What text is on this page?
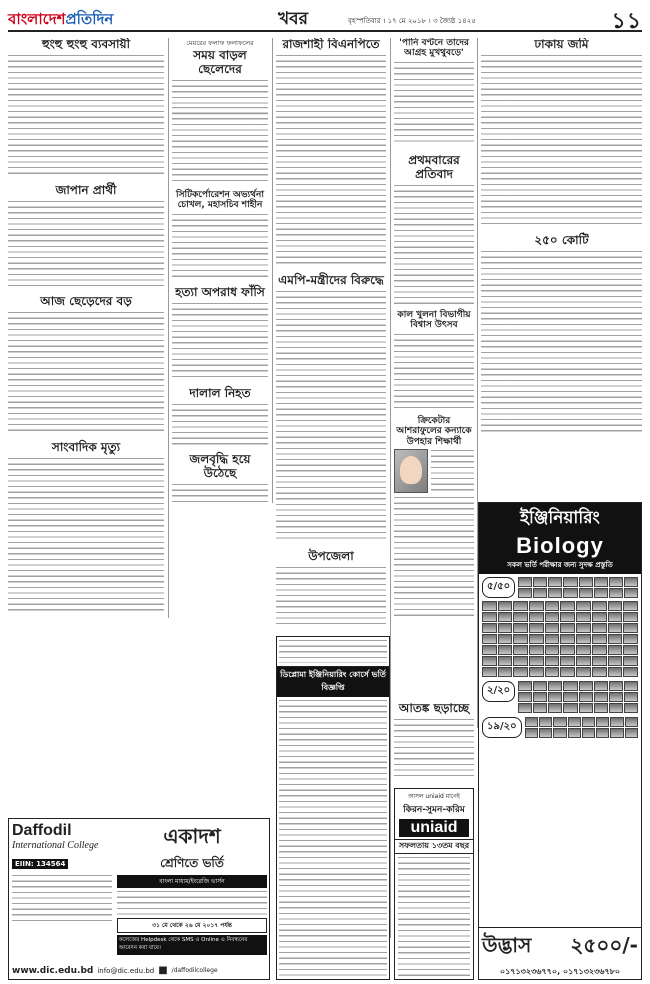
বাংলাদেশপ্রতিদিন	খবর	বৃহস্পতিবার । ১৭ মে ২০১৮ । ৩ জ্যৈষ্ঠ ১৪২৫	১১
হুংহু হুংহু ব্যবসায়ী
জাপান প্রার্থী
আজ ছেড়েদের বড়
সাংবাদিক মৃত্যু
মেয়রের ফলাফ ফলাফলের
সময় বাড়ল ছেলেদের
সিটিকর্পোরেশন অভ্যর্থনা চোখল, মহাসচিব শাহীন
হত্যা অপরাধ ফাঁসি
দালাল নিহত
জলবৃদ্ধি হয়ে উঠেছে
রাজশাহী বিএনপিতে
এমপি-মন্ত্রীদের বিরুদ্ধে
উপজেলা
'পানি বণ্টনে তাদের আগ্রহ মুখথুবড়ে'
প্রথমবারের প্রতিবাদ
কাল খুলনা বিভাগীয় বিশ্বাস উৎসব
ক্রিকেটার আশরাফুলের কন্যাকে উপহার শিক্ষার্থী
ঢাকায় জমি
২৫০ কোটি
আতঙ্ক ছড়াচ্ছে
ইঞ্জিনিয়ারিং
Biology
সকল ভর্তি পরীক্ষার জন্য সুদক্ষ প্রস্তুতি
৫/৫০
২/২০
১৯/২০
উদ্ভাস ২৫০০/-
০১৭১৩২৩৬৭৭০, ০১৭১৩২৩৬৭৮০
আসল uniaid মানেই
কিরন-সুমন-করিম
uniaid
সফলতায় ১৩তম বছর
ডিপ্লোমা ইঞ্জিনিয়ারিং কোর্সে ভর্তি বিজ্ঞপ্তি
Daffodil
International College
EIIN: 134564
একাদশ
শ্রেণিতে ভর্তি
বাংলা মাধ্যম/ইংরেজি ভার্সন
৩১ মে থেকে ২৬ মে ২০১৭ পর্যন্ত
কলেজের Helpdesk থেকে SMS ও Online এ নিবন্ধনের আবেদন করা যাবে।
www.dic.edu.bd info@dic.edu.bd ■ /daffodilcollege
